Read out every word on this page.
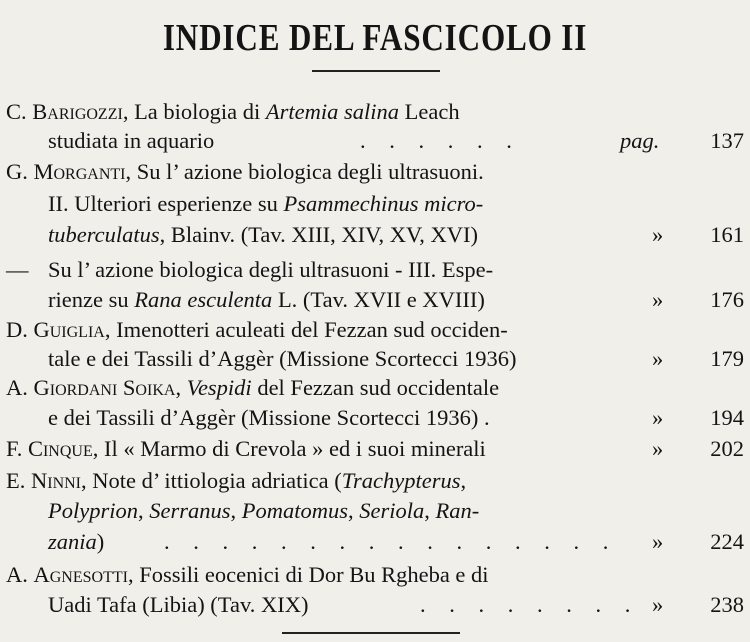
INDICE DEL FASCICOLO II
C. Barigozzi, La biologia di Artemia salina Leach
studiata in aquario	. . . . . .	pag. 137
G. Morganti, Su l’ azione biologica degli ultrasuoni.
II. Ulteriori esperienze su Psammechinus micro-
tuberculatus, Blainv. (Tav. XIII, XIV, XV, XVI)	» 161
— Su l’ azione biologica degli ultrasuoni - III. Espe-
rienze su Rana esculenta L. (Tav. XVII e XVIII)	» 176
D. Guiglia, Imenotteri aculeati del Fezzan sud occiden-
tale e dei Tassili d’Aggèr (Missione Scortecci 1936)	» 179
A. Giordani Soika, Vespidi del Fezzan sud occidentale
e dei Tassili d’Aggèr (Missione Scortecci 1936) .	» 194
F. Cinque, Il « Marmo di Crevola » ed i suoi minerali	» 202
E. Ninni, Note d’ ittiologia adriatica (Trachypterus,
Polyprion, Serranus, Pomatomus, Seriola, Ran-
zania)	. . . . . . . . . . . . . . . . » 224
A. Agnesotti, Fossili eocenici di Dor Bu Rgheba e di
Uadi Tafa (Libia) (Tav. XIX)	. . . . . . . . » 238
